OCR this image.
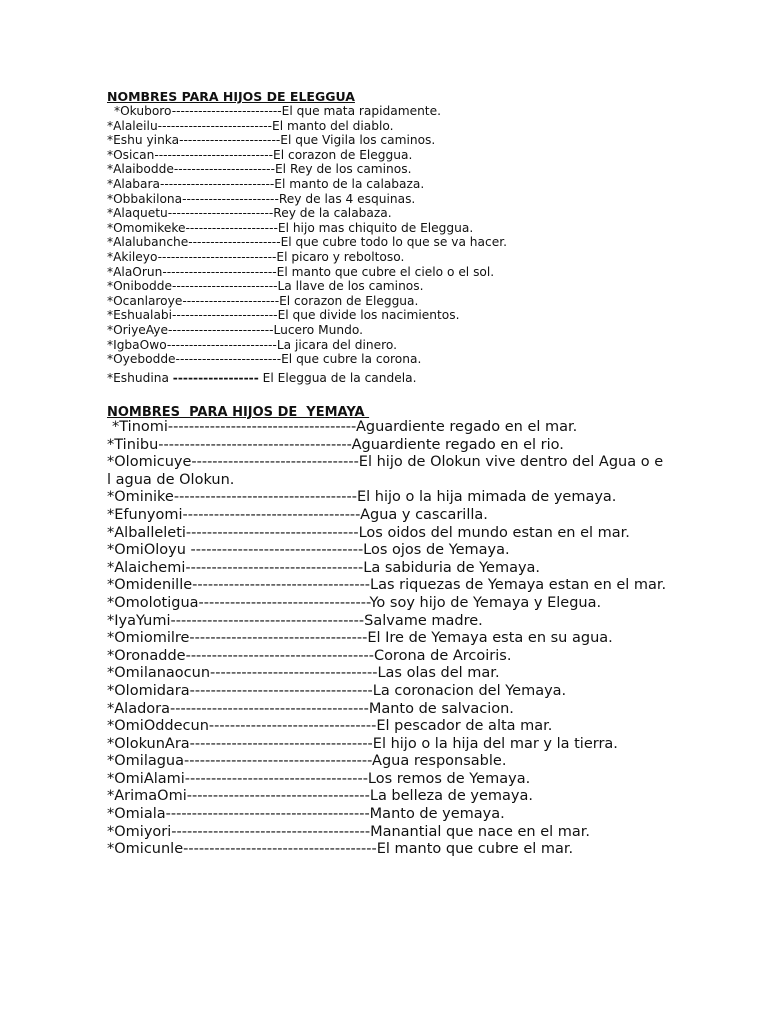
NOMBRES PARA HIJOS DE ELEGGUA

*Okuboro-------------------------El que mata rapidamente.
*Alaleilu--------------------------El manto del diablo.
*Eshu yinka-----------------------El que Vigila los caminos.
*Osican---------------------------El corazon de Eleggua.
*Alaibodde-----------------------El Rey de los caminos.
*Alabara--------------------------El manto de la calabaza.
*Obbakilona----------------------Rey de las 4 esquinas.
*Alaquetu------------------------Rey de la calabaza.
*Omomikeke---------------------El hijo mas chiquito de Eleggua.
*Alalubanche---------------------El que cubre todo lo que se va hacer.
*Akileyo---------------------------El picaro y reboltoso.
*AlaOrun--------------------------El manto que cubre el cielo o el sol.
*Onibodde------------------------La llave de los caminos.
*Ocanlaroye----------------------El corazon de Eleggua.
*Eshualabi------------------------El que divide los nacimientos.
*OriyeAye------------------------Lucero Mundo.
*IgbaOwo-------------------------La jicara del dinero.
*Oyebodde------------------------El que cubre la corona.
*Eshudina ----------------- El Eleggua de la candela.

NOMBRES  PARA HIJOS DE  YEMAYA

*Tinomi------------------------------------Aguardiente regado en el mar.
*Tinibu-------------------------------------Aguardiente regado en el rio.
*Olomicuye--------------------------------El hijo de Olokun vive dentro del Agua o el agua de Olokun.
*Ominike-----------------------------------El hijo o la hija mimada de yemaya.
*Efunyomi----------------------------------Agua y cascarilla.
*Alballeleti---------------------------------Los oidos del mundo estan en el mar.
*OmiOloyu ---------------------------------Los ojos de Yemaya.
*Alaichemi----------------------------------La sabiduria de Yemaya.
*Omidenille----------------------------------Las riquezas de Yemaya estan en el mar.
*Omolotigua---------------------------------Yo soy hijo de Yemaya y Elegua.
*IyaYumi-------------------------------------Salvame madre.
*Omiomilre----------------------------------El Ire de Yemaya esta en su agua.
*Oronadde------------------------------------Corona de Arcoiris.
*Omilanaocun--------------------------------Las olas del mar.
*Olomidara-----------------------------------La coronacion del Yemaya.
*Aladora--------------------------------------Manto de salvacion.
*OmiOddecun--------------------------------El pescador de alta mar.
*OlokunAra-----------------------------------El hijo o la hija del mar y la tierra.
*Omilagua------------------------------------Agua responsable.
*OmiAlami-----------------------------------Los remos de Yemaya.
*ArimaOmi-----------------------------------La belleza de yemaya.
*Omiala---------------------------------------Manto de yemaya.
*Omiyori--------------------------------------Manantial que nace en el mar.
*Omicunle-------------------------------------El manto que cubre el mar.
